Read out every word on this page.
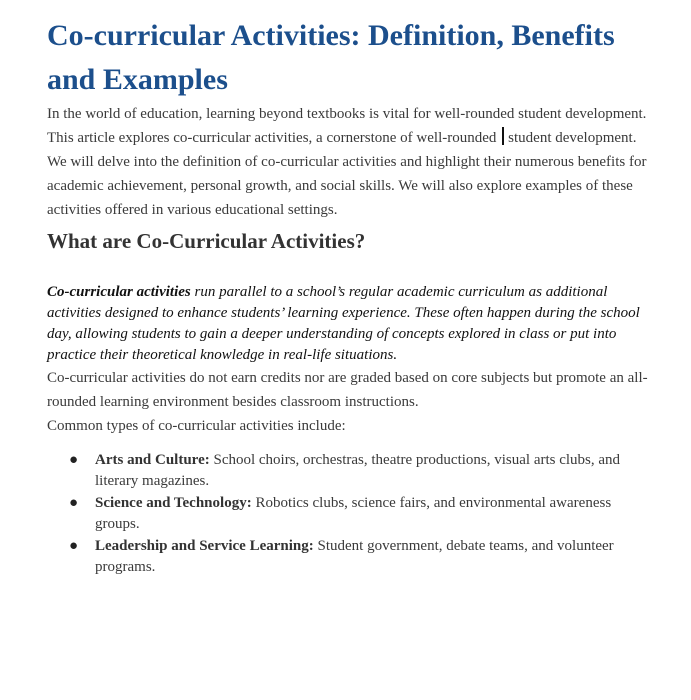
Co-curricular Activities: Definition, Benefits and Examples

In the world of education, learning beyond textbooks is vital for well-rounded student development. This article explores co-curricular activities, a cornerstone of well-rounded student development.

We will delve into the definition of co-curricular activities and highlight their numerous benefits for academic achievement, personal growth, and social skills. We will also explore examples of these activities offered in various educational settings.

What are Co-Curricular Activities?

Co-curricular activities run parallel to a school’s regular academic curriculum as additional activities designed to enhance students’ learning experience. These often happen during the school day, allowing students to gain a deeper understanding of concepts explored in class or put into practice their theoretical knowledge in real-life situations.

Co-curricular activities do not earn credits nor are graded based on core subjects but promote an all-rounded learning environment besides classroom instructions.

Common types of co-curricular activities include:

● Arts and Culture: School choirs, orchestras, theatre productions, visual arts clubs, and literary magazines.
● Science and Technology: Robotics clubs, science fairs, and environmental awareness groups.
● Leadership and Service Learning: Student government, debate teams, and volunteer programs.
